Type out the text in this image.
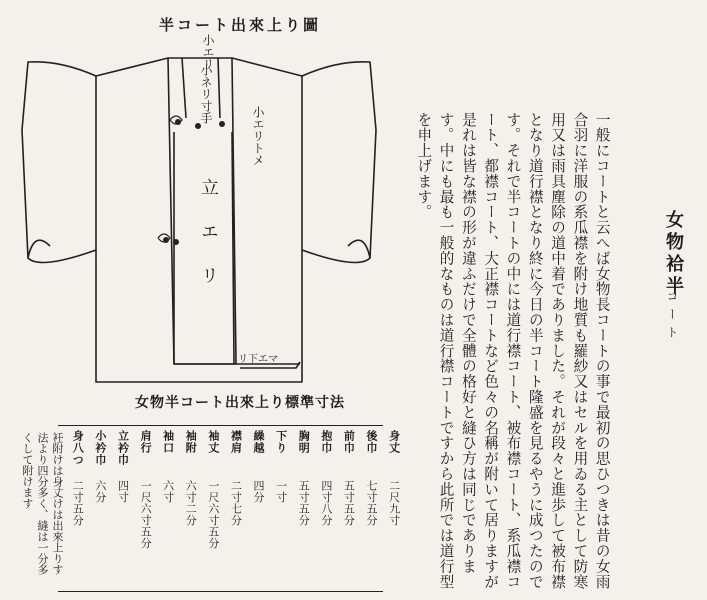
圖り上來出トーコ半
小エリ
小ネリ寸手
小エリトメ
立エリ
マエ下リ
法寸準標り上來出トーコ半物女
身丈
二尺九寸
後巾
七寸五分
前巾
五寸五分
抱巾
四寸八分
胸明
五寸五分
下り
一寸
繰越
四分
襟肩
二寸七分
袖丈
一尺六寸五分
袖附
六寸二分
袖口
六寸
肩行
一尺六寸五分
立衿巾
四寸
小衿巾
六分
身八つ
二寸五分
衽附けは身丈けは出來上りす法より四分多く、縫は一分多くして附けます
女物袷半
コート
一般にコートと云へば女物長コートの事で最初の思ひつきは昔の女雨合羽に洋服の系瓜襟を附け地質も羅紗又はセルを用ゐる主として防寒用又は雨具塵除の道中着でありました。それが段々と進歩して被布襟となり道行襟となり終に今日の半コート隆盛を見るやうに成つたのです。それで半コートの中には道行襟コート、被布襟コート、系瓜襟コート、都襟コート、大正襟コートなど色々の名稱が附いて居りますが是れは皆な襟の形が違ふだけで全體の格好と縫ひ方は同じであります。中にも最も一般的なものは道行襟コートですから此所では道行型を申上げます。
